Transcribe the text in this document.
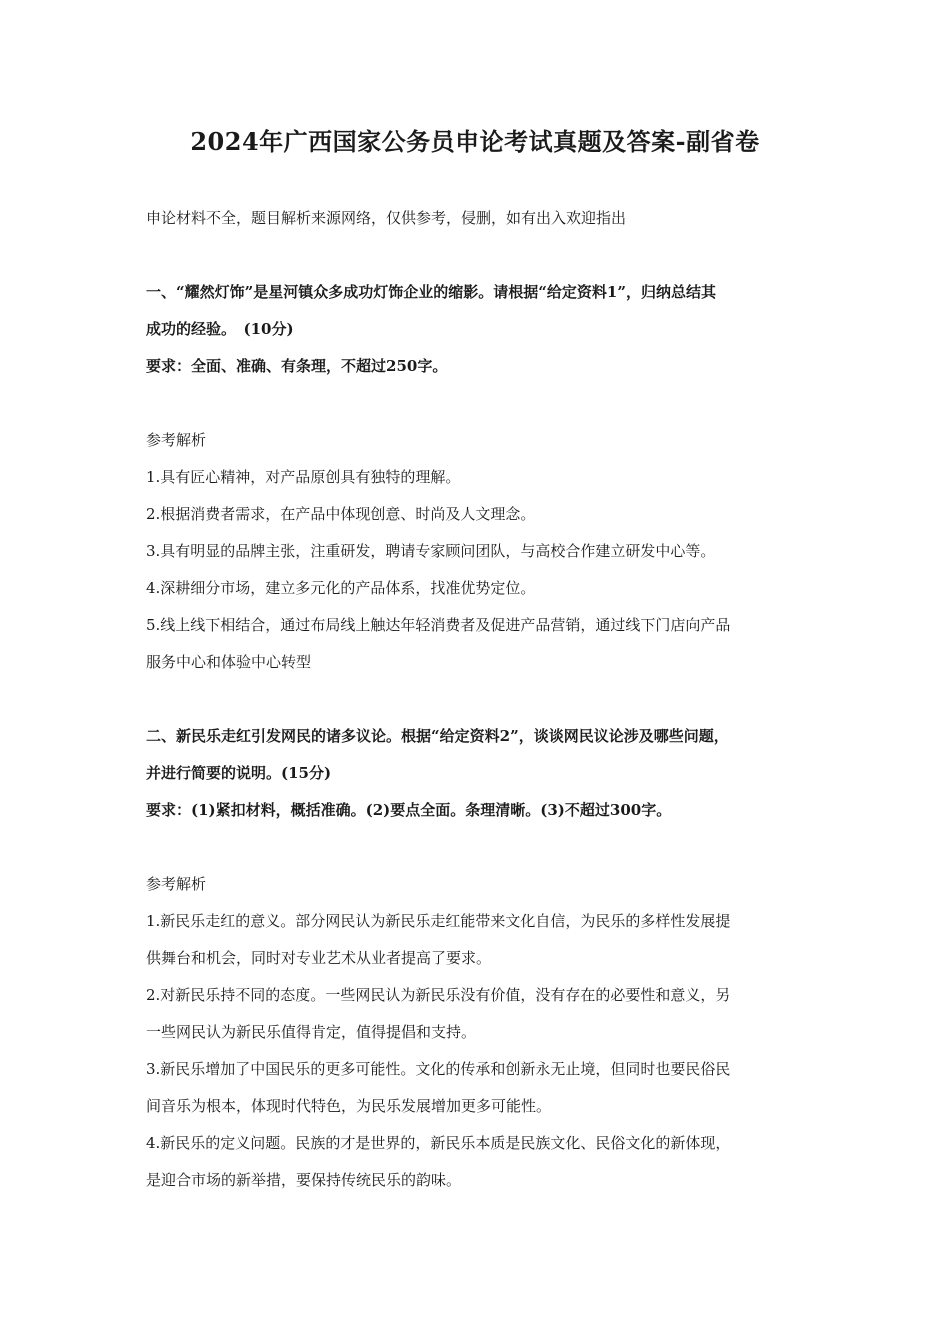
2024年广西国家公务员申论考试真题及答案-副省卷

申论材料不全，题目解析来源网络，仅供参考，侵删，如有出入欢迎指出

一、“耀然灯饰”是星河镇众多成功灯饰企业的缩影。请根据“给定资料1”，归纳总结其

成功的经验。　(10分)

要求：全面、准确、有条理，不超过250字。

参考解析

1.具有匠心精神，对产品原创具有独特的理解。

2.根据消费者需求，在产品中体现创意、时尚及人文理念。

3.具有明显的品牌主张，注重研发，聘请专家顾问团队，与高校合作建立研发中心等。

4.深耕细分市场，建立多元化的产品体系，找准优势定位。

5.线上线下相结合，通过布局线上触达年轻消费者及促进产品营销，通过线下门店向产品

服务中心和体验中心转型

二、新民乐走红引发网民的诸多议论。根据“给定资料2”，谈谈网民议论涉及哪些问题，

并进行简要的说明。(15分)

要求：(1)紧扣材料，概括准确。(2)要点全面。条理清晰。(3)不超过300字。

参考解析

1.新民乐走红的意义。部分网民认为新民乐走红能带来文化自信，为民乐的多样性发展提

供舞台和机会，同时对专业艺术从业者提高了要求。

2.对新民乐持不同的态度。一些网民认为新民乐没有价值，没有存在的必要性和意义，另

一些网民认为新民乐值得肯定，值得提倡和支持。

3.新民乐增加了中国民乐的更多可能性。文化的传承和创新永无止境，但同时也要民俗民

间音乐为根本，体现时代特色，为民乐发展增加更多可能性。

4.新民乐的定义问题。民族的才是世界的，新民乐本质是民族文化、民俗文化的新体现，

是迎合市场的新举措，要保持传统民乐的韵味。
